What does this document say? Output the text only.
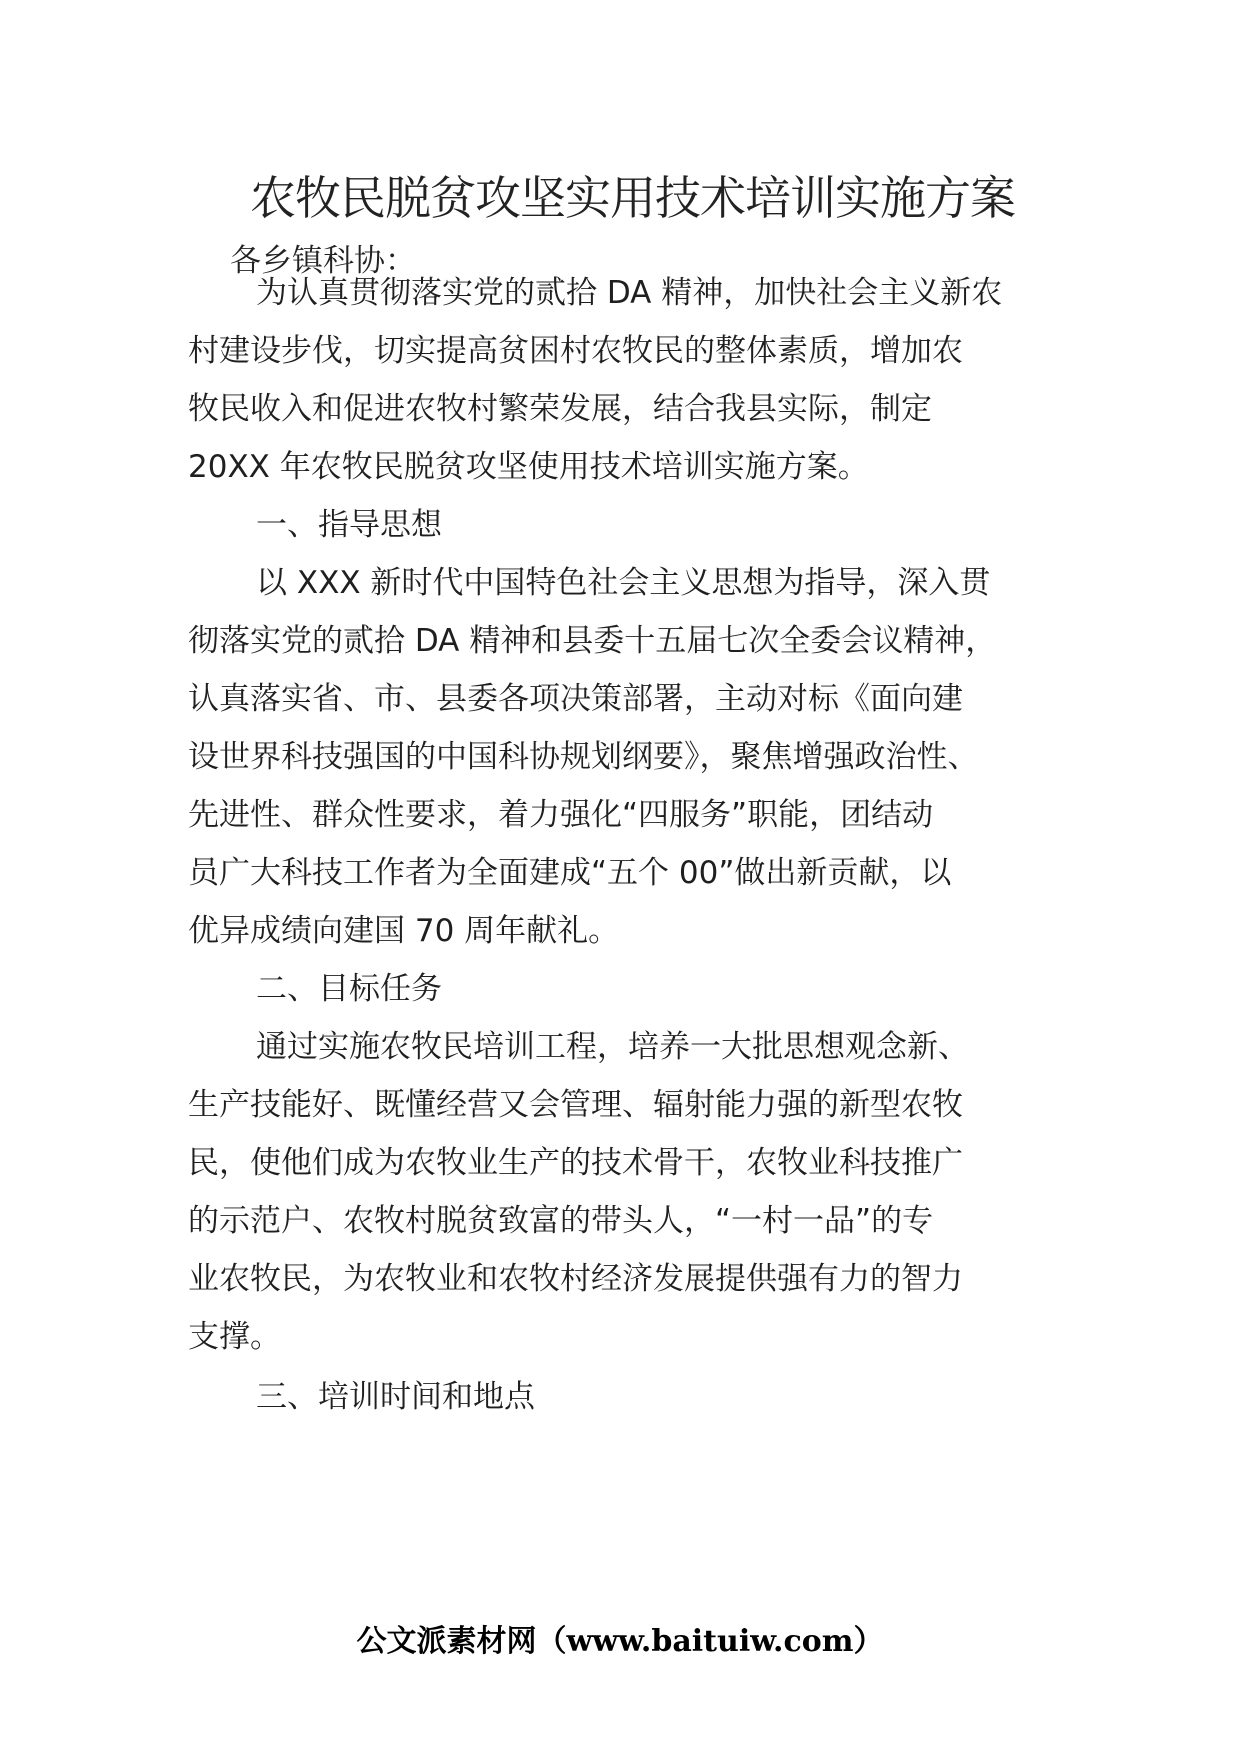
农牧民脱贫攻坚实用技术培训实施方案
各乡镇科协：
为认真贯彻落实党的贰拾 DA 精神，加快社会主义新农
村建设步伐，切实提高贫困村农牧民的整体素质，增加农
牧民收入和促进农牧村繁荣发展，结合我县实际，制定
20XX 年农牧民脱贫攻坚使用技术培训实施方案。
一、指导思想
以 XXX 新时代中国特色社会主义思想为指导，深入贯
彻落实党的贰拾 DA 精神和县委十五届七次全委会议精神，
认真落实省、市、县委各项决策部署，主动对标《面向建
设世界科技强国的中国科协规划纲要》，聚焦增强政治性、
先进性、群众性要求，着力强化“四服务”职能，团结动
员广大科技工作者为全面建成“五个 00”做出新贡献，以
优异成绩向建国 70 周年献礼。
二、目标任务
通过实施农牧民培训工程，培养一大批思想观念新、
生产技能好、既懂经营又会管理、辐射能力强的新型农牧
民，使他们成为农牧业生产的技术骨干，农牧业科技推广
的示范户、农牧村脱贫致富的带头人，“一村一品”的专
业农牧民，为农牧业和农牧村经济发展提供强有力的智力
支撑。
三、培训时间和地点
公文派素材网（www.baituiw.com）
